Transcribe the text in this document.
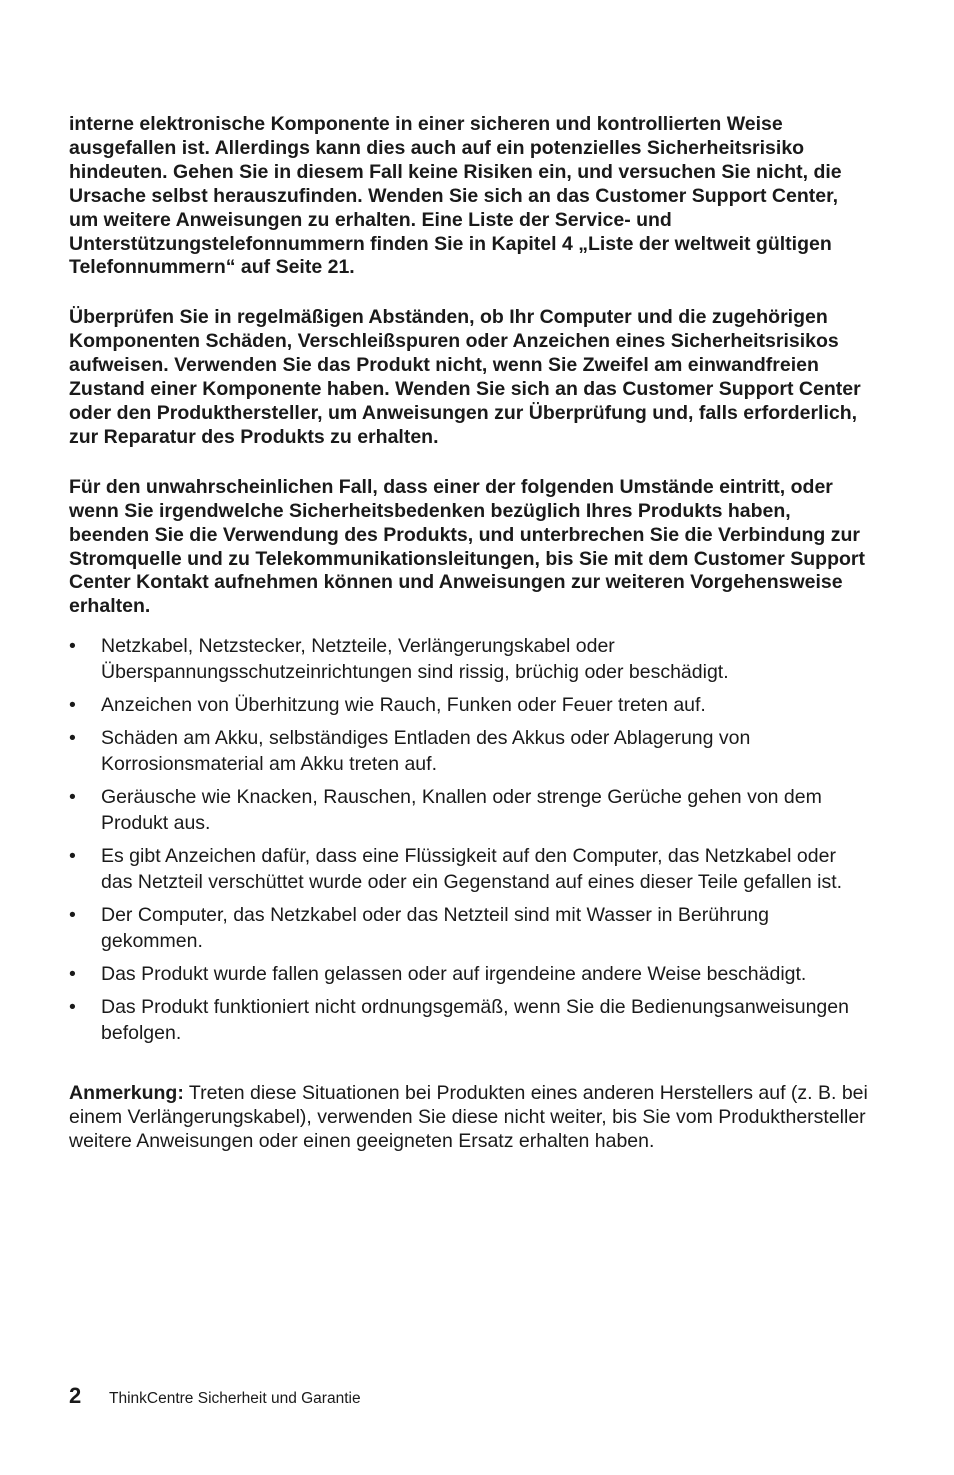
interne elektronische Komponente in einer sicheren und kontrollierten Weise ausgefallen ist. Allerdings kann dies auch auf ein potenzielles Sicherheitsrisiko hindeuten. Gehen Sie in diesem Fall keine Risiken ein, und versuchen Sie nicht, die Ursache selbst herauszufinden. Wenden Sie sich an das Customer Support Center, um weitere Anweisungen zu erhalten. Eine Liste der Service- und Unterstützungstelefonnummern finden Sie in Kapitel 4 „Liste der weltweit gültigen Telefonnummern“ auf Seite 21.

Überprüfen Sie in regelmäßigen Abständen, ob Ihr Computer und die zugehörigen Komponenten Schäden, Verschleißspuren oder Anzeichen eines Sicherheitsrisikos aufweisen. Verwenden Sie das Produkt nicht, wenn Sie Zweifel am einwandfreien Zustand einer Komponente haben. Wenden Sie sich an das Customer Support Center oder den Produkthersteller, um Anweisungen zur Überprüfung und, falls erforderlich, zur Reparatur des Produkts zu erhalten.

Für den unwahrscheinlichen Fall, dass einer der folgenden Umstände eintritt, oder wenn Sie irgendwelche Sicherheitsbedenken bezüglich Ihres Produkts haben, beenden Sie die Verwendung des Produkts, und unterbrechen Sie die Verbindung zur Stromquelle und zu Telekommunikationsleitungen, bis Sie mit dem Customer Support Center Kontakt aufnehmen können und Anweisungen zur weiteren Vorgehensweise erhalten.

•	Netzkabel, Netzstecker, Netzteile, Verlängerungskabel oder Überspannungsschutzeinrichtungen sind rissig, brüchig oder beschädigt.
•	Anzeichen von Überhitzung wie Rauch, Funken oder Feuer treten auf.
•	Schäden am Akku, selbständiges Entladen des Akkus oder Ablagerung von Korrosionsmaterial am Akku treten auf.
•	Geräusche wie Knacken, Rauschen, Knallen oder strenge Gerüche gehen von dem Produkt aus.
•	Es gibt Anzeichen dafür, dass eine Flüssigkeit auf den Computer, das Netzkabel oder das Netzteil verschüttet wurde oder ein Gegenstand auf eines dieser Teile gefallen ist.
•	Der Computer, das Netzkabel oder das Netzteil sind mit Wasser in Berührung gekommen.
•	Das Produkt wurde fallen gelassen oder auf irgendeine andere Weise beschädigt.
•	Das Produkt funktioniert nicht ordnungsgemäß, wenn Sie die Bedienungsanweisungen befolgen.

Anmerkung: Treten diese Situationen bei Produkten eines anderen Herstellers auf (z. B. bei einem Verlängerungskabel), verwenden Sie diese nicht weiter, bis Sie vom Produkthersteller weitere Anweisungen oder einen geeigneten Ersatz erhalten haben.

2	ThinkCentre Sicherheit und Garantie
